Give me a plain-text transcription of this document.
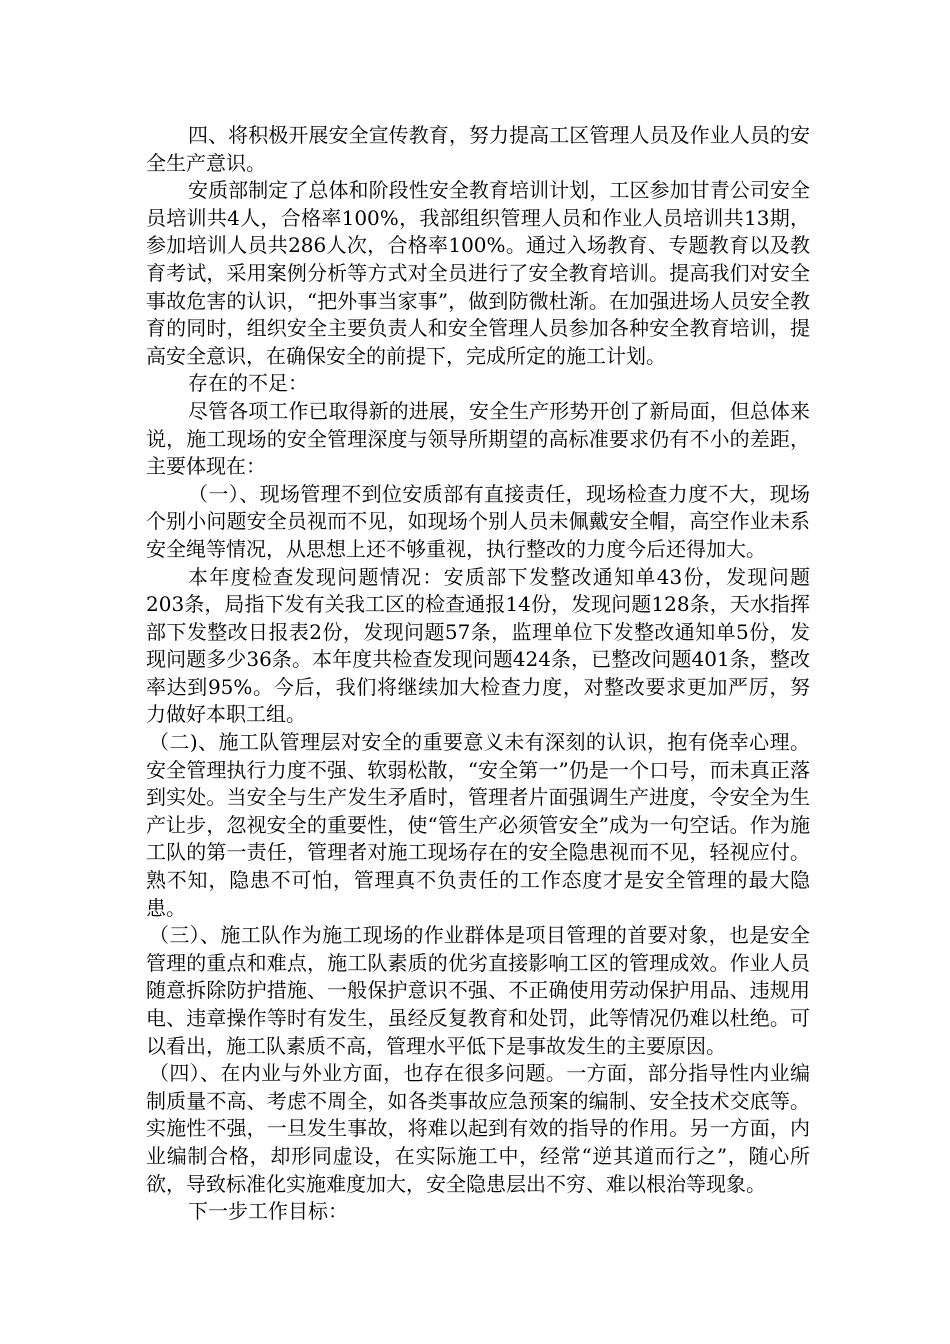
四、将积极开展安全宣传教育，努力提高工区管理人员及作业人员的安全生产意识。

安质部制定了总体和阶段性安全教育培训计划，工区参加甘青公司安全员培训共4人，合格率100%，我部组织管理人员和作业人员培训共13期，参加培训人员共286人次，合格率100%。通过入场教育、专题教育以及教育考试，采用案例分析等方式对全员进行了安全教育培训。提高我们对安全事故危害的认识，“把外事当家事”，做到防微杜渐。在加强进场人员安全教育的同时，组织安全主要负责人和安全管理人员参加各种安全教育培训，提高安全意识，在确保安全的前提下，完成所定的施工计划。

存在的不足：

尽管各项工作已取得新的进展，安全生产形势开创了新局面，但总体来说，施工现场的安全管理深度与领导所期望的高标准要求仍有不小的差距，主要体现在：

（一）、现场管理不到位安质部有直接责任，现场检查力度不大，现场个别小问题安全员视而不见，如现场个别人员未佩戴安全帽，高空作业未系安全绳等情况，从思想上还不够重视，执行整改的力度今后还得加大。

本年度检查发现问题情况：安质部下发整改通知单43份，发现问题203条，局指下发有关我工区的检查通报14份，发现问题128条，天水指挥部下发整改日报表2份，发现问题57条，监理单位下发整改通知单5份，发现问题多少36条。本年度共检查发现问题424条，已整改问题401条，整改率达到95%。今后，我们将继续加大检查力度，对整改要求更加严厉，努力做好本职工组。

（二)、施工队管理层对安全的重要意义未有深刻的认识，抱有侥幸心理。安全管理执行力度不强、软弱松散，“安全第一”仍是一个口号，而未真正落到实处。当安全与生产发生矛盾时，管理者片面强调生产进度，令安全为生产让步，忽视安全的重要性，使“管生产必须管安全”成为一句空话。作为施工队的第一责任，管理者对施工现场存在的安全隐患视而不见，轻视应付。熟不知，隐患不可怕，管理真不负责任的工作态度才是安全管理的最大隐患。

（三）、施工队作为施工现场的作业群体是项目管理的首要对象，也是安全管理的重点和难点，施工队素质的优劣直接影响工区的管理成效。作业人员随意拆除防护措施、一般保护意识不强、不正确使用劳动保护用品、违规用电、违章操作等时有发生，虽经反复教育和处罚，此等情况仍难以杜绝。可以看出，施工队素质不高，管理水平低下是事故发生的主要原因。

（四）、在内业与外业方面，也存在很多问题。一方面，部分指导性内业编制质量不高、考虑不周全，如各类事故应急预案的编制、安全技术交底等。实施性不强，一旦发生事故，将难以起到有效的指导的作用。另一方面，内业编制合格，却形同虚设，在实际施工中，经常“逆其道而行之”，随心所欲，导致标准化实施难度加大，安全隐患层出不穷、难以根治等现象。

下一步工作目标：
